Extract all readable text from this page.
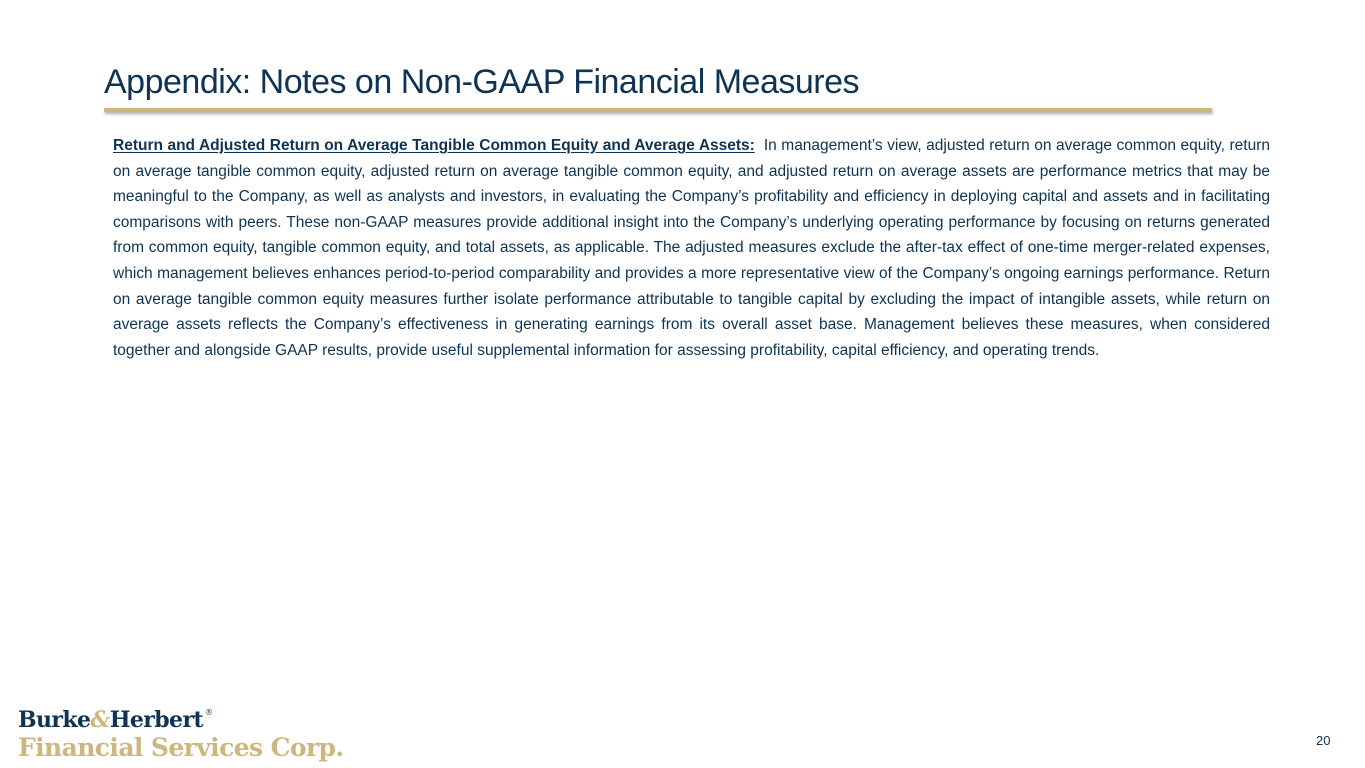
Appendix: Notes on Non-GAAP Financial Measures

Return and Adjusted Return on Average Tangible Common Equity and Average Assets: In management’s view, adjusted return on average common equity, return on average tangible common equity, adjusted return on average tangible common equity, and adjusted return on average assets are performance metrics that may be meaningful to the Company, as well as analysts and investors, in evaluating the Company’s profitability and efficiency in deploying capital and assets and in facilitating comparisons with peers. These non-GAAP measures provide additional insight into the Company’s underlying operating performance by focusing on returns generated from common equity, tangible common equity, and total assets, as applicable. The adjusted measures exclude the after-tax effect of one-time merger-related expenses, which management believes enhances period-to-period comparability and provides a more representative view of the Company’s ongoing earnings performance. Return on average tangible common equity measures further isolate performance attributable to tangible capital by excluding the impact of intangible assets, while return on average assets reflects the Company’s effectiveness in generating earnings from its overall asset base. Management believes these measures, when considered together and alongside GAAP results, provide useful supplemental information for assessing profitability, capital efficiency, and operating trends.

Burke&Herbert ®
Financial Services Corp.	20
